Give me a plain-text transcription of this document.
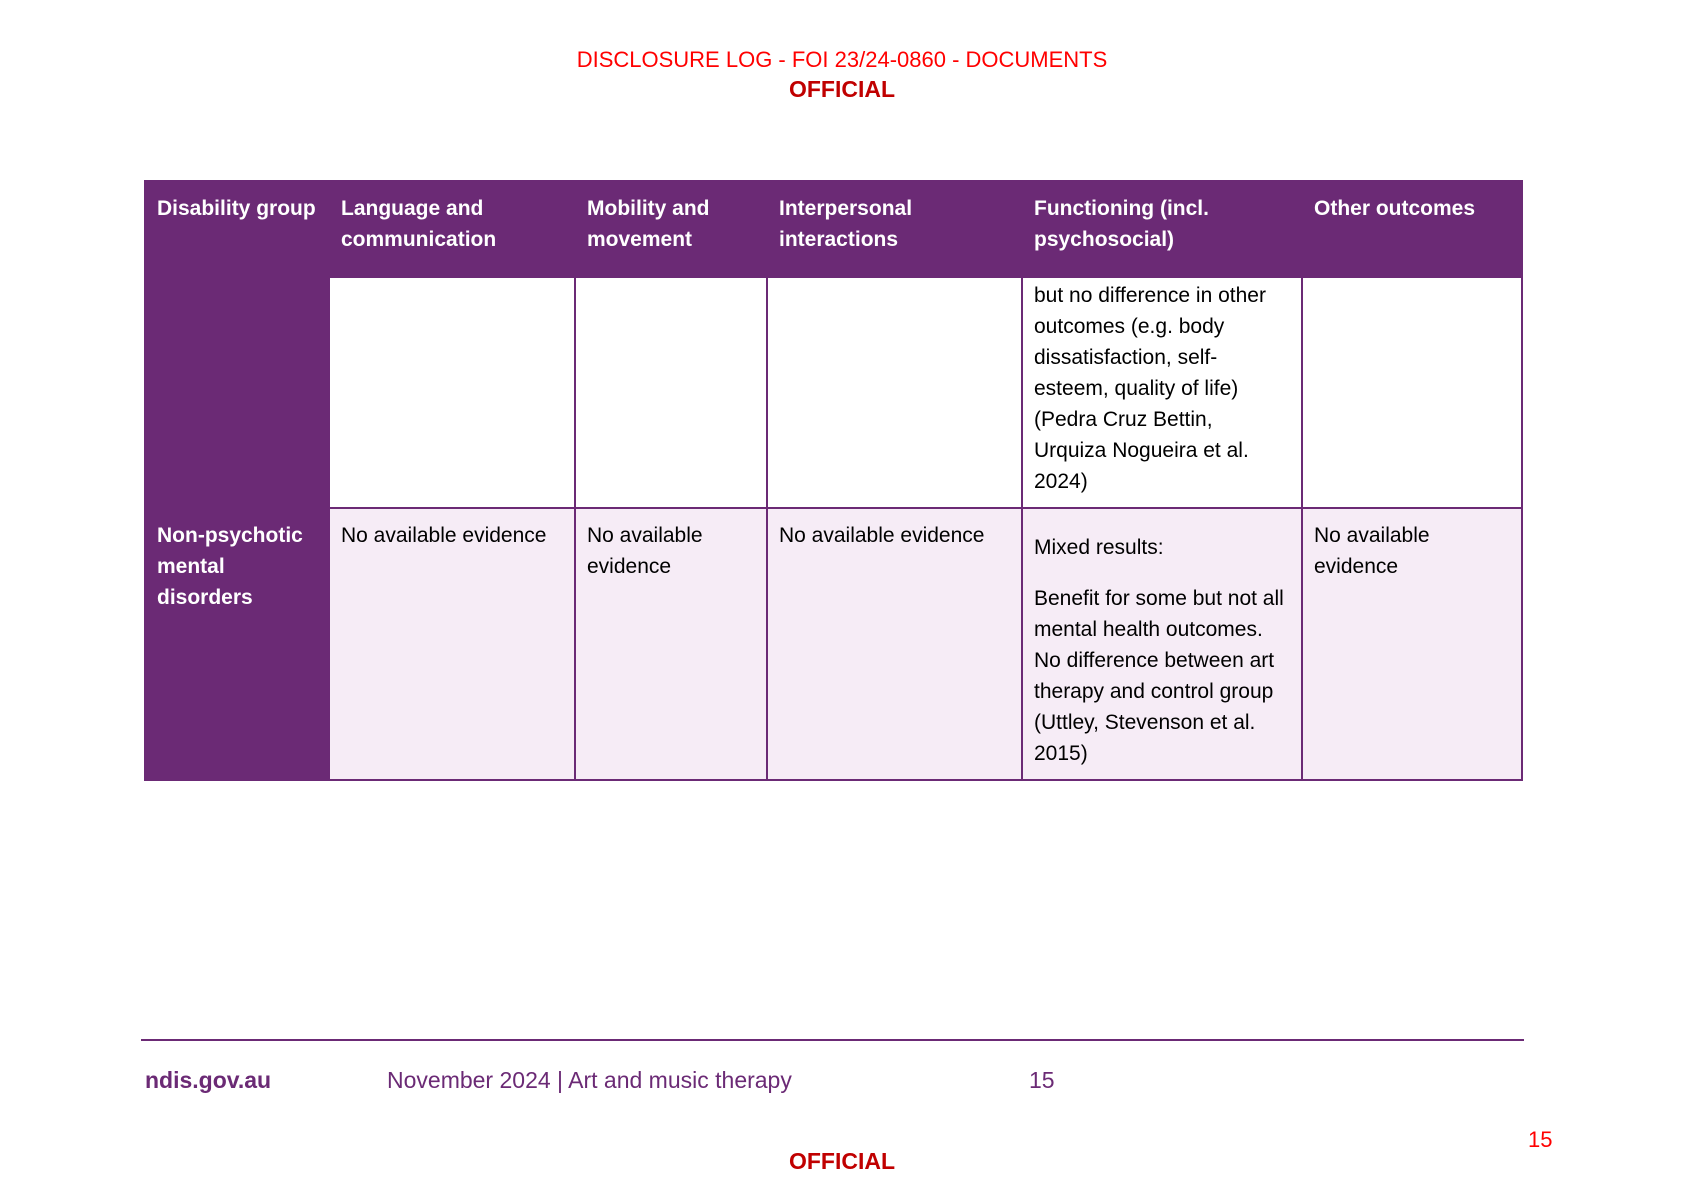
DISCLOSURE LOG - FOI 23/24-0860 - DOCUMENTS
OFFICIAL
Disability group	Language and communication	Mobility and movement	Interpersonal interactions	Functioning (incl. psychosocial)	Other outcomes

				but no difference in other outcomes (e.g. body dissatisfaction, self-esteem, quality of life) (Pedra Cruz Bettin, Urquiza Nogueira et al. 2024)	

Non-psychotic mental disorders	No available evidence	No available evidence	No available evidence	Mixed results:

Benefit for some but not all mental health outcomes. No difference between art therapy and control group (Uttley, Stevenson et al. 2015)	No available evidence
ndis.gov.au	November 2024 | Art and music therapy	15
15
OFFICIAL
